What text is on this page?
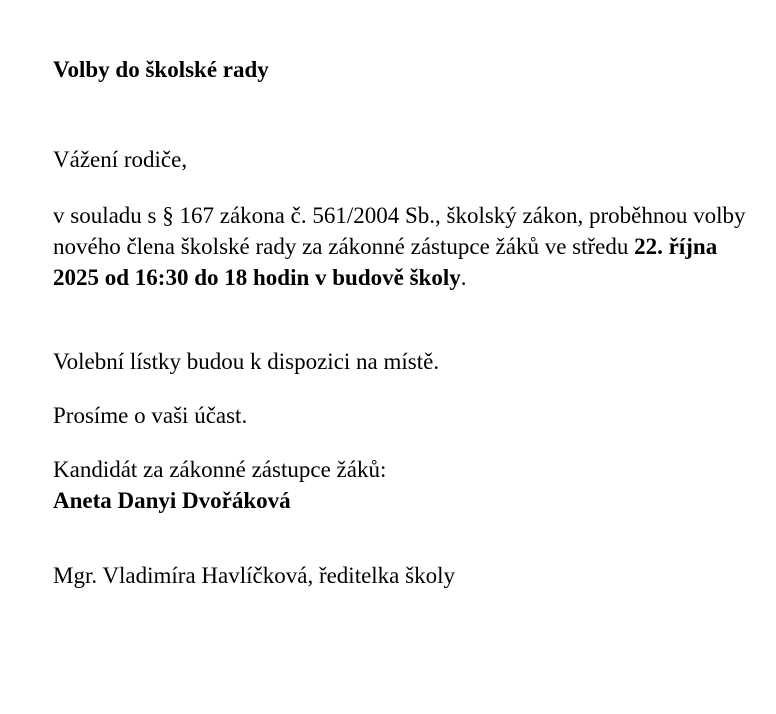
Volby do školské rady

Vážení rodiče,

v souladu s § 167 zákona č. 561/2004 Sb., školský zákon, proběhnou volby nového člena školské rady za zákonné zástupce žáků ve středu 22. října 2025 od 16:30 do 18 hodin v budově školy.

Volební lístky budou k dispozici na místě.

Prosíme o vaši účast.

Kandidát za zákonné zástupce žáků:
Aneta Danyi Dvořáková

Mgr. Vladimíra Havlíčková, ředitelka školy
